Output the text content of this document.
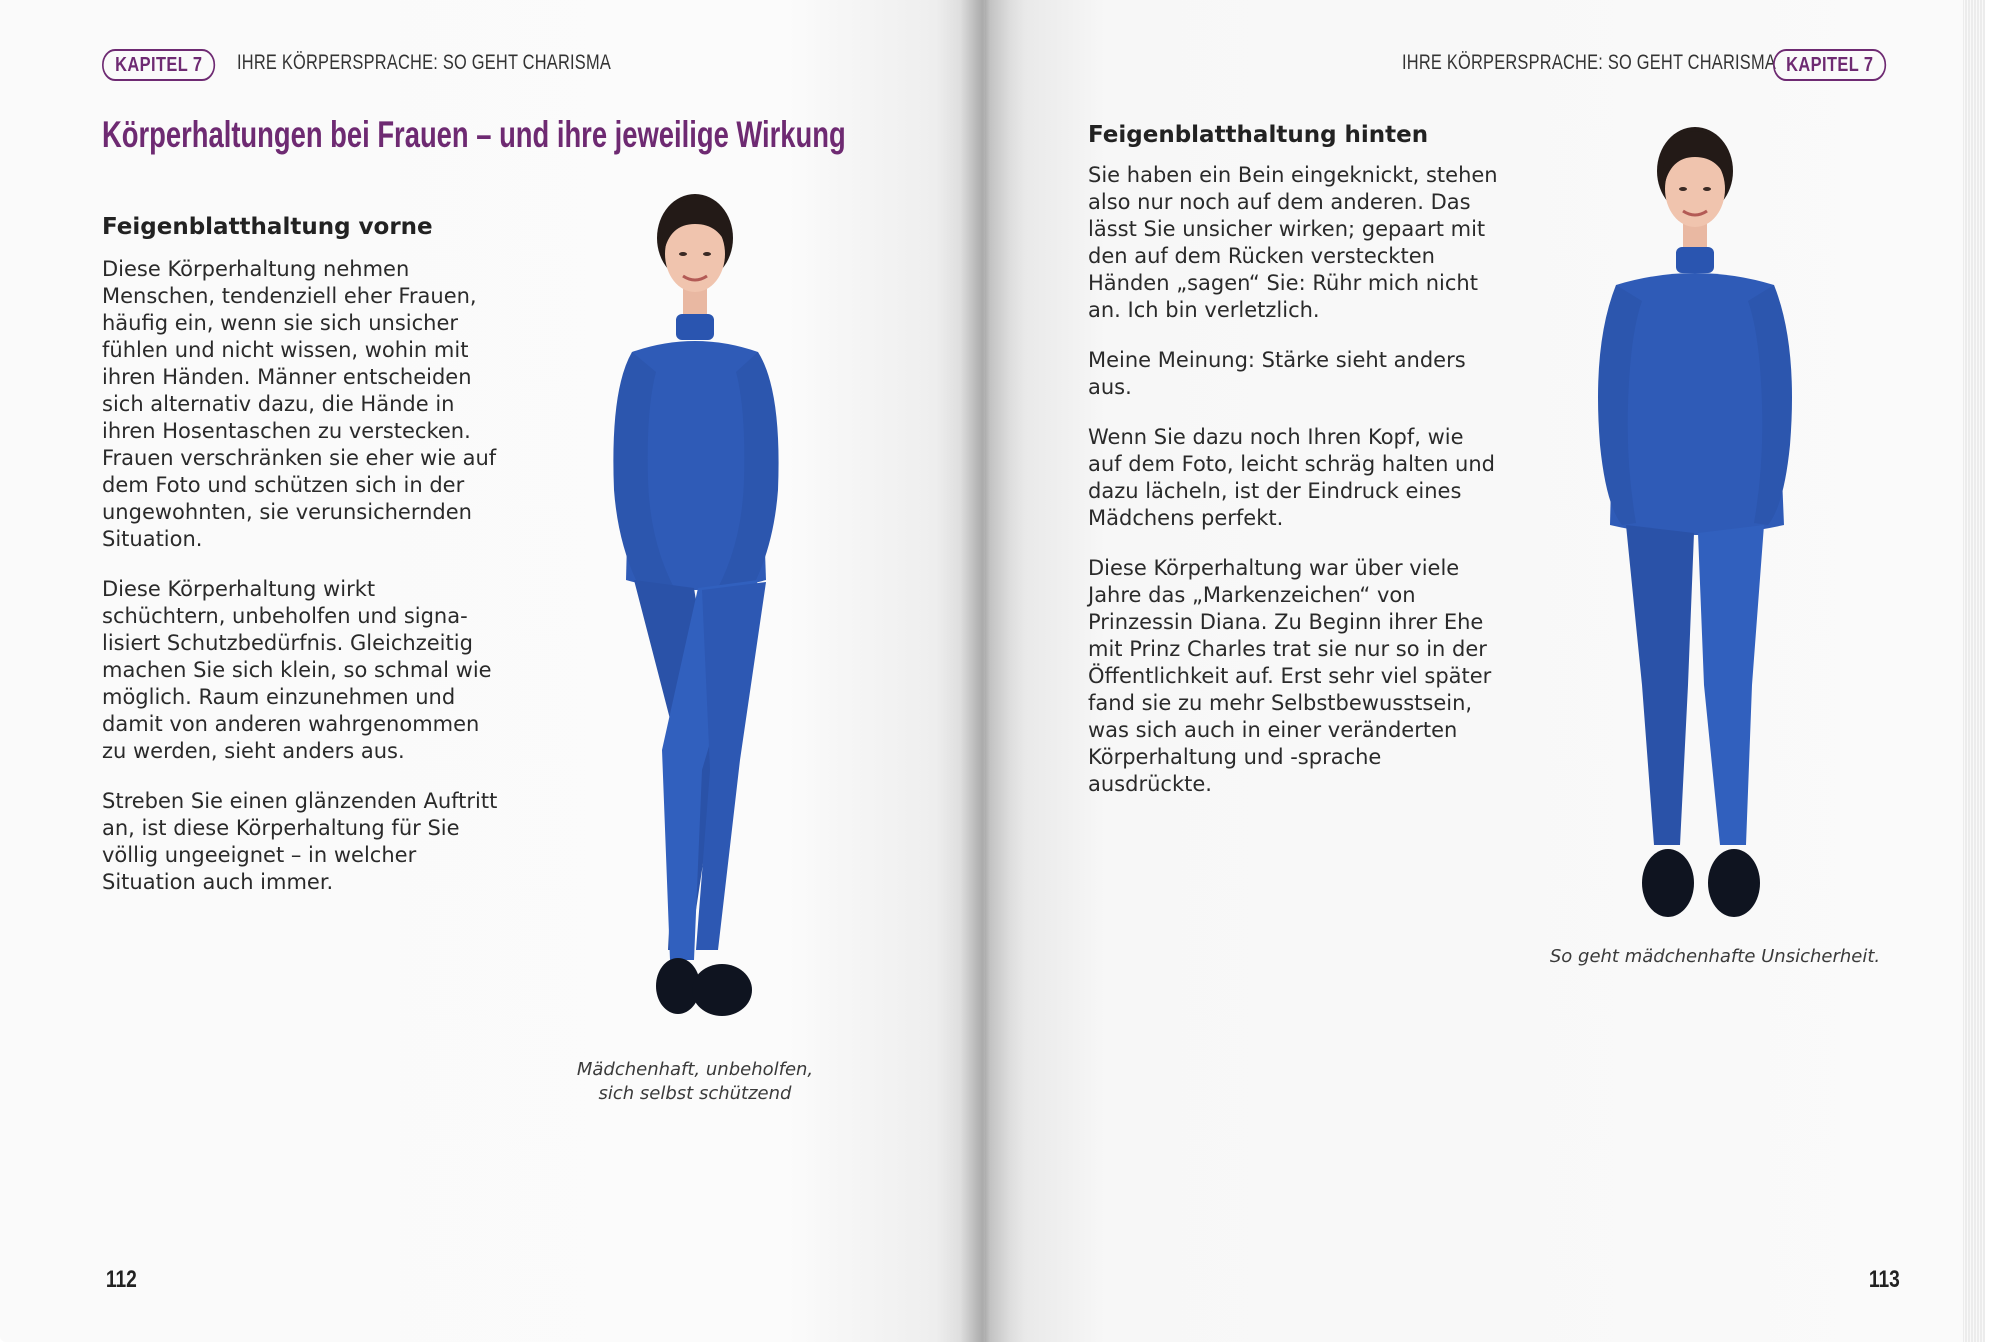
KAPITEL 7	IHRE KÖRPERSPRACHE: SO GEHT CHARISMA
Körperhaltungen bei Frauen – und ihre jeweilige Wirkung
Feigenblatthaltung vorne

Diese Körperhaltung nehmen Menschen, tendenziell eher Frauen, häufig ein, wenn sie sich unsicher fühlen und nicht wissen, wohin mit ihren Händen. Männer entscheiden sich alternativ dazu, die Hände in ihren Hosentaschen zu verstecken. Frauen verschränken sie eher wie auf dem Foto und schützen sich in der ungewohnten, sie verunsichernden Situation.

Diese Körperhaltung wirkt schüchtern, unbeholfen und signalisiert Schutzbedürfnis. Gleichzeitig machen Sie sich klein, so schmal wie möglich. Raum einzunehmen und damit von anderen wahrgenommen zu werden, sieht anders aus.

Streben Sie einen glänzenden Auftritt an, ist diese Körperhaltung für Sie völlig ungeeignet – in welcher Situation auch immer.

Mädchenhaft, unbeholfen,
sich selbst schützend
112
IHRE KÖRPERSPRACHE: SO GEHT CHARISMA KAPITEL 7
Feigenblatthaltung hinten

Sie haben ein Bein eingeknickt, stehen also nur noch auf dem anderen. Das lässt Sie unsicher wirken; gepaart mit den auf dem Rücken versteckten Händen „sagen“ Sie: Rühr mich nicht an. Ich bin verletzlich.

Meine Meinung: Stärke sieht anders aus.

Wenn Sie dazu noch Ihren Kopf, wie auf dem Foto, leicht schräg halten und dazu lächeln, ist der Eindruck eines Mädchens perfekt.

Diese Körperhaltung war über viele Jahre das „Markenzeichen“ von Prinzessin Diana. Zu Beginn ihrer Ehe mit Prinz Charles trat sie nur so in der Öffentlichkeit auf. Erst sehr viel später fand sie zu mehr Selbstbewusstsein, was sich auch in einer veränderten Körperhaltung und -sprache ausdrückte.

So geht mädchenhafte Unsicherheit.
113
